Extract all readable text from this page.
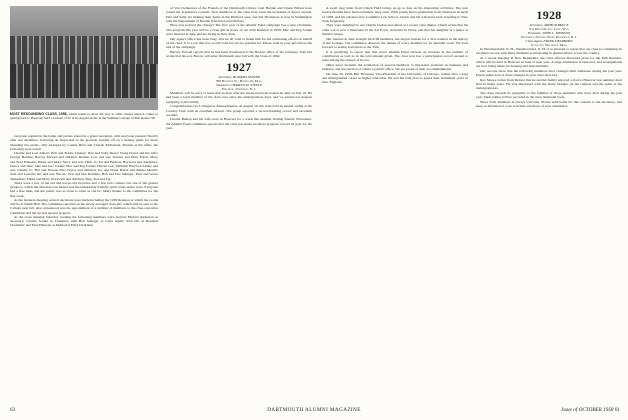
MOST RESOUNDING CLASS, 1958, which seems to show the way to other classes when it comes to getting back to Hanover, held a turnout of 67 at its August picnic at the Summer Cottage of Bob Keane '58.

everyone regaled in the lodge and parties joined in a grand reception, with everyone pleased. Shortly after two members, following an inspection of the grounds, headed off on a Sunday game for those attending the picnic, ably arranged by Connie Brist and Charlie McKenzie. Present at the affair, the following were noted:

Charlie and Lois Abbott; Bob and Frame Cheney; Dan and Sally Dever; Doug Dowd and his wife; George Holmes; Harvey Farwell and children; Rennie, Lou, and son; Stanley and Mary Eaton; Mary and Fred Hinsone; Hicks and Mary Stacy and son; Herb Jo; Ed and Barbara Hayward and daughters; Nancy and Jake; Jake and Joe; Jordan; Mac and Peg Jordan; Harriet Lee; Michelle Harrison Ainley and son; Charlie Jr.; Hal and Noreen Mac-Taylor and children; Joe and Doris Baird; and Emma Merrill; Stan and Lucretia Orr and son; Bacon; Jack and Dot Robbins; Bob and Dot Salinger; Paul and Grace Tenneman; Tubbs and Mary Worswick and children, Skip, Ted and Jay.

There were a few of the old and not-so-old favorites and a few new comers, but one of the greater groups to which the attention was turned was the remarkably friendly spirit of the entire class. Everyone had a fine time, and the picnic was as close to ideal as can be. Many thanks to the committee for the fine work.

At the business meeting several decisions were made including the 1958 Reunion at which the rooms will be at Smith Hall. The committee reported on the newly arranged class gift, which will be sent to the College next fall. Also announced was the appointment of a number of members to the class executive committee and the several special projects.

At the close meeting Saturday evening the following members were elected: Herbert Anderson as Secretary; Charlie Jordan as Treasurer, with Bob Salinger as Class Agent; Stan Orr as Reunion Chairman; and Fred Hinsone as Memorial Fund Chairman.

of Van Clemenson of the Friends of the Dartmouth Library. Gail Borden and Chuck Wilson have joined the Treasurer's Council. New members of the class have been the recipients of honor awards. Dan and Sally are making their home in the Hartford area, and Sid Thompson is now in Washington with the Department of Health, Education and Welfare.

Have you noticed the change? The first year of the Alumni Fund campaign has a new Chairman. The program this year will be a class gift in honor of our 25th Reunion in 1958. Mac and Peg Jordan were married in June and are living in New York.

Our agent's office has been busy, and we all want to thank him for his continuing efforts on behalf of the class. It is a job that few would want but all are grateful for. Please send in your gift before the end of the campaign.

Harvey Farwell reports that he has been transferred to the Boston office of his company. Stan Orr writes that his son, Bacon, will enter Dartmouth next fall with the Class of 1962.

1927
Secretary, HOWARD SEAVER
300 Boylston St., Boston 16, Mass.
Treasurer, CHARLES M. STEELE
Pine Ave., Westfield, N. J.

Members will be sorry to learn that an hour after the stroke had been treated he died on July 18. He had been a loyal member of the class ever since his undergraduate days, and we extend our deepest sympathy to his family.

Congratulations! To Livingston, Massachusetts, on August 10, the class held its annual outing at the Country Club with an excellent turnout. The group reported a record-breaking crowd and excellent weather.

Charlie Bishop and his wife were in Hanover for a week this summer visiting friends. Elsewhere, the Alumni Fund committee reports that the class has made excellent progress toward its goal for the year.

A swell long letter from Chuck Field brings us up to date on his interesting activities. The past twelve months have been extremely busy ones. With young Don's graduation from Wesleyan in April of 1958, and his entrance into Columbia Law School, Chuck and his wife have been traveling to New York frequently.

They were delighted to see Charlie Jordan and others at a recent class dinner. Chuck writes that his older son is now a lieutenant in the Air Force, stationed in Texas, and that his daughter is a junior at Smith College.

Our reunion in June brought back 98 members, the largest turnout for a 31st reunion in the history of the College. The committee deserves the thanks of every member for its splendid work. We look forward to seeing even more at the 35th.

It is gratifying to report that this year's Alumni Fund showed an increase in the number of contributors as well as in the total amount given. The class now has a participation record second to none among the classes of its era.

Other news includes the promotion of several members to important positions in business and industry, and the election of others to public office. We are proud of their accomplishments.

On June 30, 1958, Bill Thornton, Vice-President of the University of Chicago, retired after a long and distinguished career in higher education. He and his wife plan to spend their retirement years in New England.

1928
Secretary, ARTHUR BRUCE
Von Diest Oil Co., Cody, Wyo.
Treasurer, JOHN L. JOHNSON
Providence National Bank, Providence, R. I.
Class Agent, FRANK DEARBORN
In the city, Wellesley, Mass.

In Westmoreland, N. H., Westmoreland, N. H., it is pleasant to report that our class is continuing its excellent record, with many members participating in alumni affairs across the country.

At a recent meeting in New Hampshire, the class officers discussed plans for the 30th Reunion, which will be held in Hanover in June of next year. A large attendance is expected, and arrangements are now being made for housing and entertainment.

Our records show that the following members have changed their addresses during the past year. Please make note of these changes in your class directory.

Roy Moore writes from Denver that he and his family enjoyed a visit to Hanover last summer, their first in many years. He was impressed with the many changes on the campus and the spirit of the undergraduates.

The class extends its sympathy to the families of those members who have died during the past year. Their names will be recorded in the class memorial book.

News from members is always welcome. Please send items for this column to the Secretary, and keep us informed of your activities and those of your classmates.

63	DARTMOUTH ALUMNI MAGAZINE	Issue of OCTOBER 1958 61
